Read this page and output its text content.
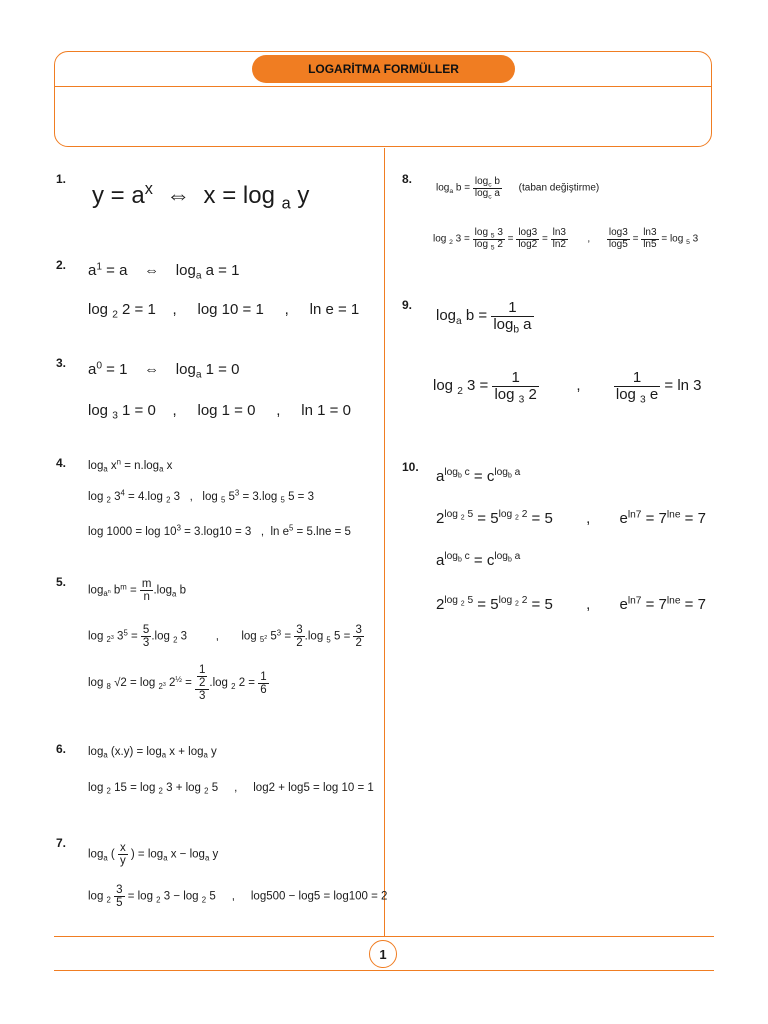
LOGARİTMA FORMÜLLER
1
1.
$y = a^x$  ⇔  x = log $_a$ y
2. $a^1 = a$    ⇔    $\log_a a = 1$
log $_2$ 2 = 1    ,     log 10 = 1     ,     ln e = 1
3. $a^0 = 1$    ⇔    $\log_a 1 = 0$
log $_3$ 1 = 0    ,     log 1 = 0     ,     ln 1 = 0
4. $\log_a x^n = n.\log_a$ x
log $_2$ $3^4 = 4.\log$ $_2$ 3   ,   log $_5$ $5^3 = 3.\log$ $_5$ 5 = 3
$\log 1000 = \log 10^3 = 3.\log 10 = 3$   ,  $\ln e^5 = 5.\ln e = 5$
5.
$\log_{a^n} b^m = \frac{m}{n} .\log_a$ b
log $_{2^3}$ $3^5 = \frac{5}{3} .\log$ $_2$ 3         ,       log $_{5^2}$ $5^3 = \frac{3}{2} .\log$ $_5$ $5 = \frac{3}{2}$
log $_8$ √2 = log $_{2^3}$ $2^{\frac{1}{2}} = \frac{\frac{1}{2}}{3} .\log$ $_2$ $2 = \frac{1}{6}$
6. $\log_a (x.y) = \log_a x + \log_a y$
log $_2$ 15 = log $_2$ 3 + log $_2$ 5     ,     log2 + log5 = log 10 = 1
7.
$\log_a$ ( $\frac{x}{y}$ ) = $\log_a x - \log_a y$
$\log _2 \frac{3}{5} = \log _2$ 3 − log $_2$ 5     ,     log500 − log5 = log100 = 2
8.
$\log_a b = \frac{\log_c b}{\log_c a}$ (taban değiştirme)
log $_2$ $3 = \frac{\log _5 3}{\log _5 2} = \frac{\log 3}{\log 2} = \frac{\ln 3}{\ln 2}$ , $\frac{\log 3}{\log 5} = \frac{\ln 3}{\ln 5} = \log _5$ 3
9.
$\log_a b = \frac{1}{\log_b a}$
log $_2$ $3 = \frac{1}{\log _3 2}$ , $\frac{1}{\log _3 e} = \ln 3$
10.
$a^{log_b c} = c^{log_b a}$
$2^{log _2 5} = 5^{log _2 2} = 5$        ,       $e^{ln7} = 7^{lne} = 7$
$a^{log_b c} = c^{log_b a}$
$2^{log _2 5} = 5^{log _2 2} = 5$        ,       $e^{ln7} = 7^{lne} = 7$
